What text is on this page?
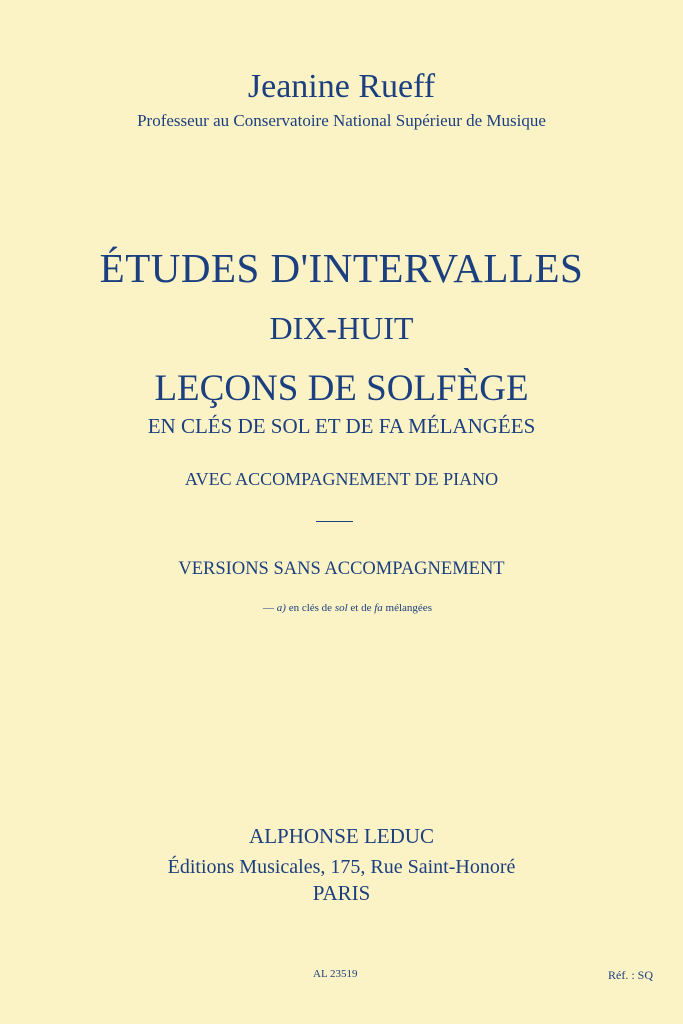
Jeanine Rueff
Professeur au Conservatoire National Supérieur de Musique
ÉTUDES D'INTERVALLES
DIX-HUIT
LEÇONS DE SOLFÈGE
EN CLÉS DE SOL ET DE FA MÉLANGÉES
AVEC ACCOMPAGNEMENT DE PIANO
VERSIONS SANS ACCOMPAGNEMENT
— a) en clés de sol et de fa mélangées
ALPHONSE LEDUC
Éditions Musicales, 175, Rue Saint-Honoré
PARIS
AL 23519	Réf. : SQ
